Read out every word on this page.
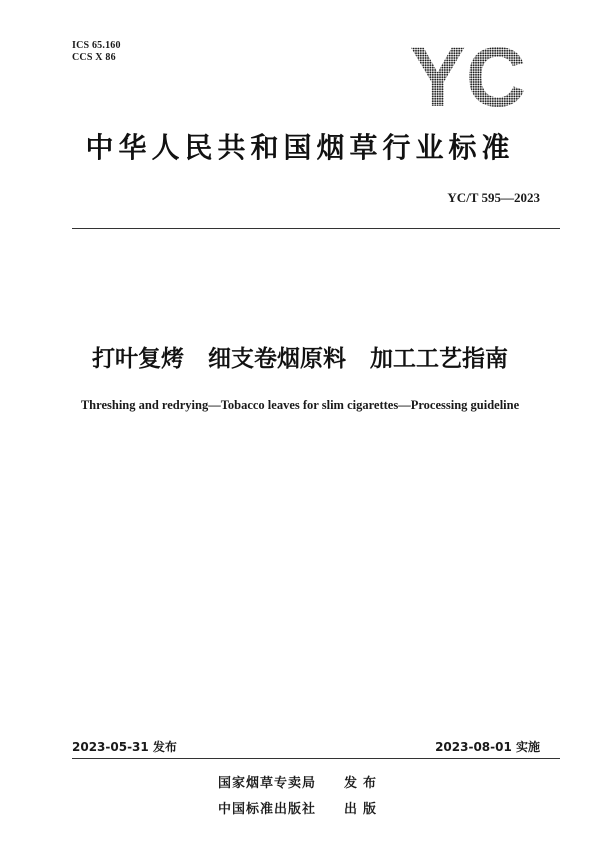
ICS 65.160
CCS X 86	YC
中华人民共和国烟草行业标准
YC/T 595—2023
打叶复烤 细支卷烟原料 加工工艺指南
Threshing and redrying—Tobacco leaves for slim cigarettes—Processing guideline
2023-05-31 发布	2023-08-01 实施
国家烟草专卖局 发布
中国标准出版社 出版
